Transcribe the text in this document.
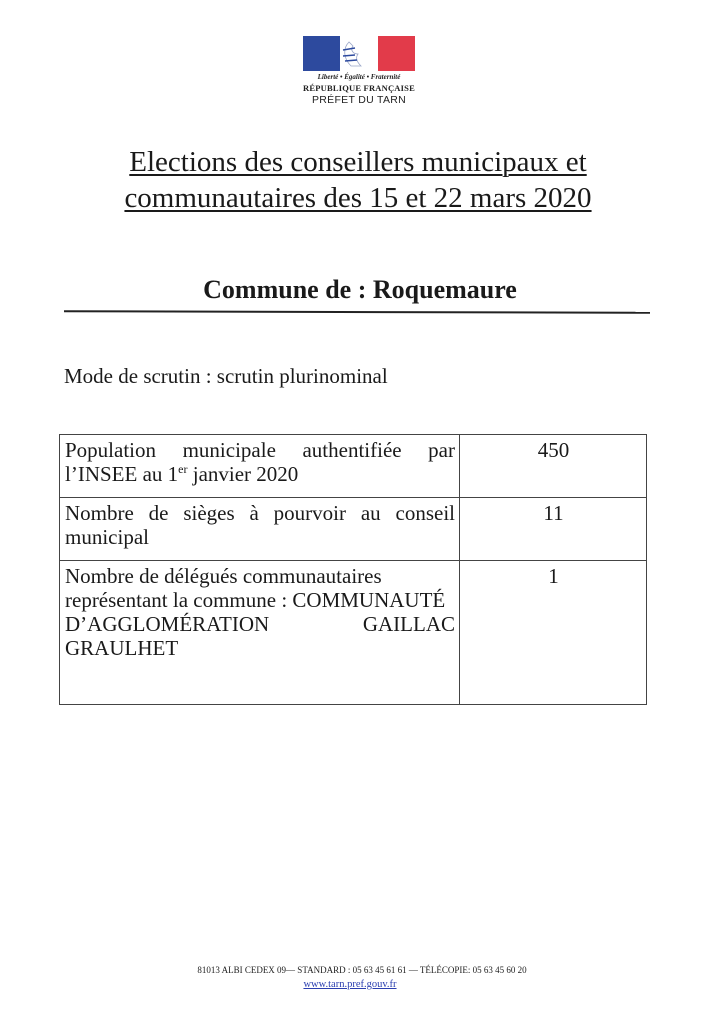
Liberté • Égalité • Fraternité
RÉPUBLIQUE FRANÇAISE
PRÉFET DU TARN
Elections des conseillers municipaux et
communautaires des 15 et 22 mars 2020
Commune de : Roquemaure
Mode de scrutin : scrutin plurinominal
Population municipale authentifiée par l’INSEE au 1er janvier 2020	450
Nombre de sièges à pourvoir au conseil municipal	11

Nombre de délégués communautaires représentant la commune : COMMUNAUTÉ
D’AGGLOMÉRATION GAILLAC
GRAULHET	1
81013 ALBI CEDEX 09— STANDARD : 05 63 45 61 61 — TÉLÉCOPIE: 05 63 45 60 20
www.tarn.pref.gouv.fr
